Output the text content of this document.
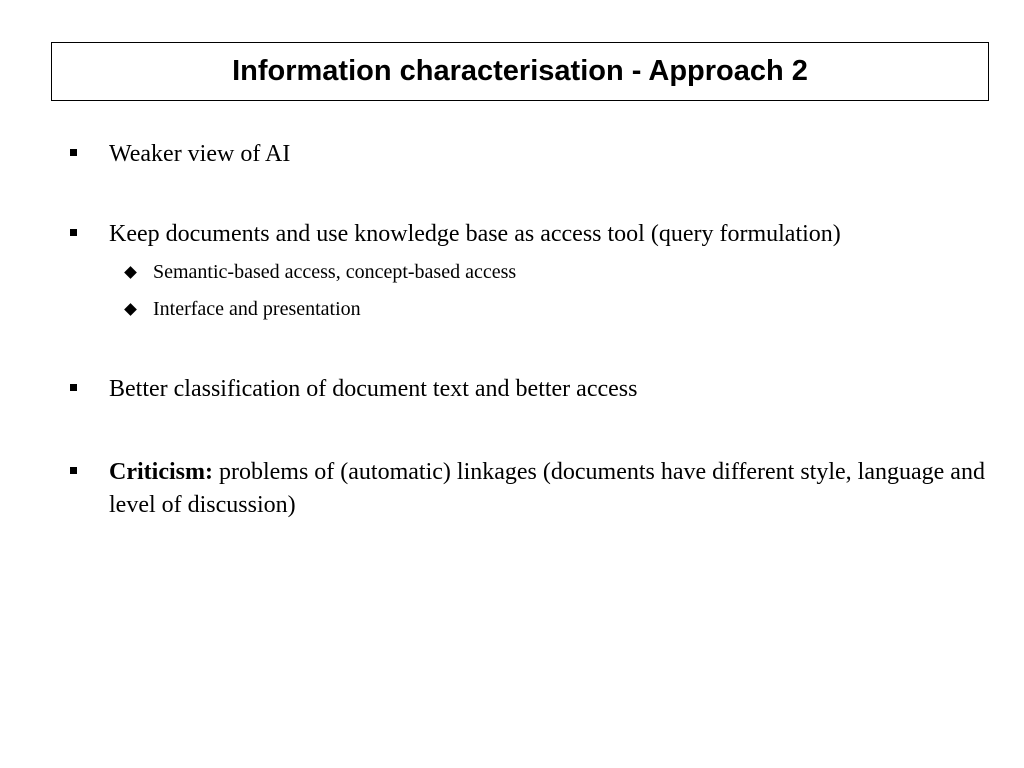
Information characterisation - Approach 2
Weaker view of AI
Keep documents and use knowledge base as access tool (query formulation)
Semantic-based access, concept-based access
Interface and presentation
Better classification of document text and better access
Criticism: problems of (automatic) linkages (documents have different style, language and level of discussion)
